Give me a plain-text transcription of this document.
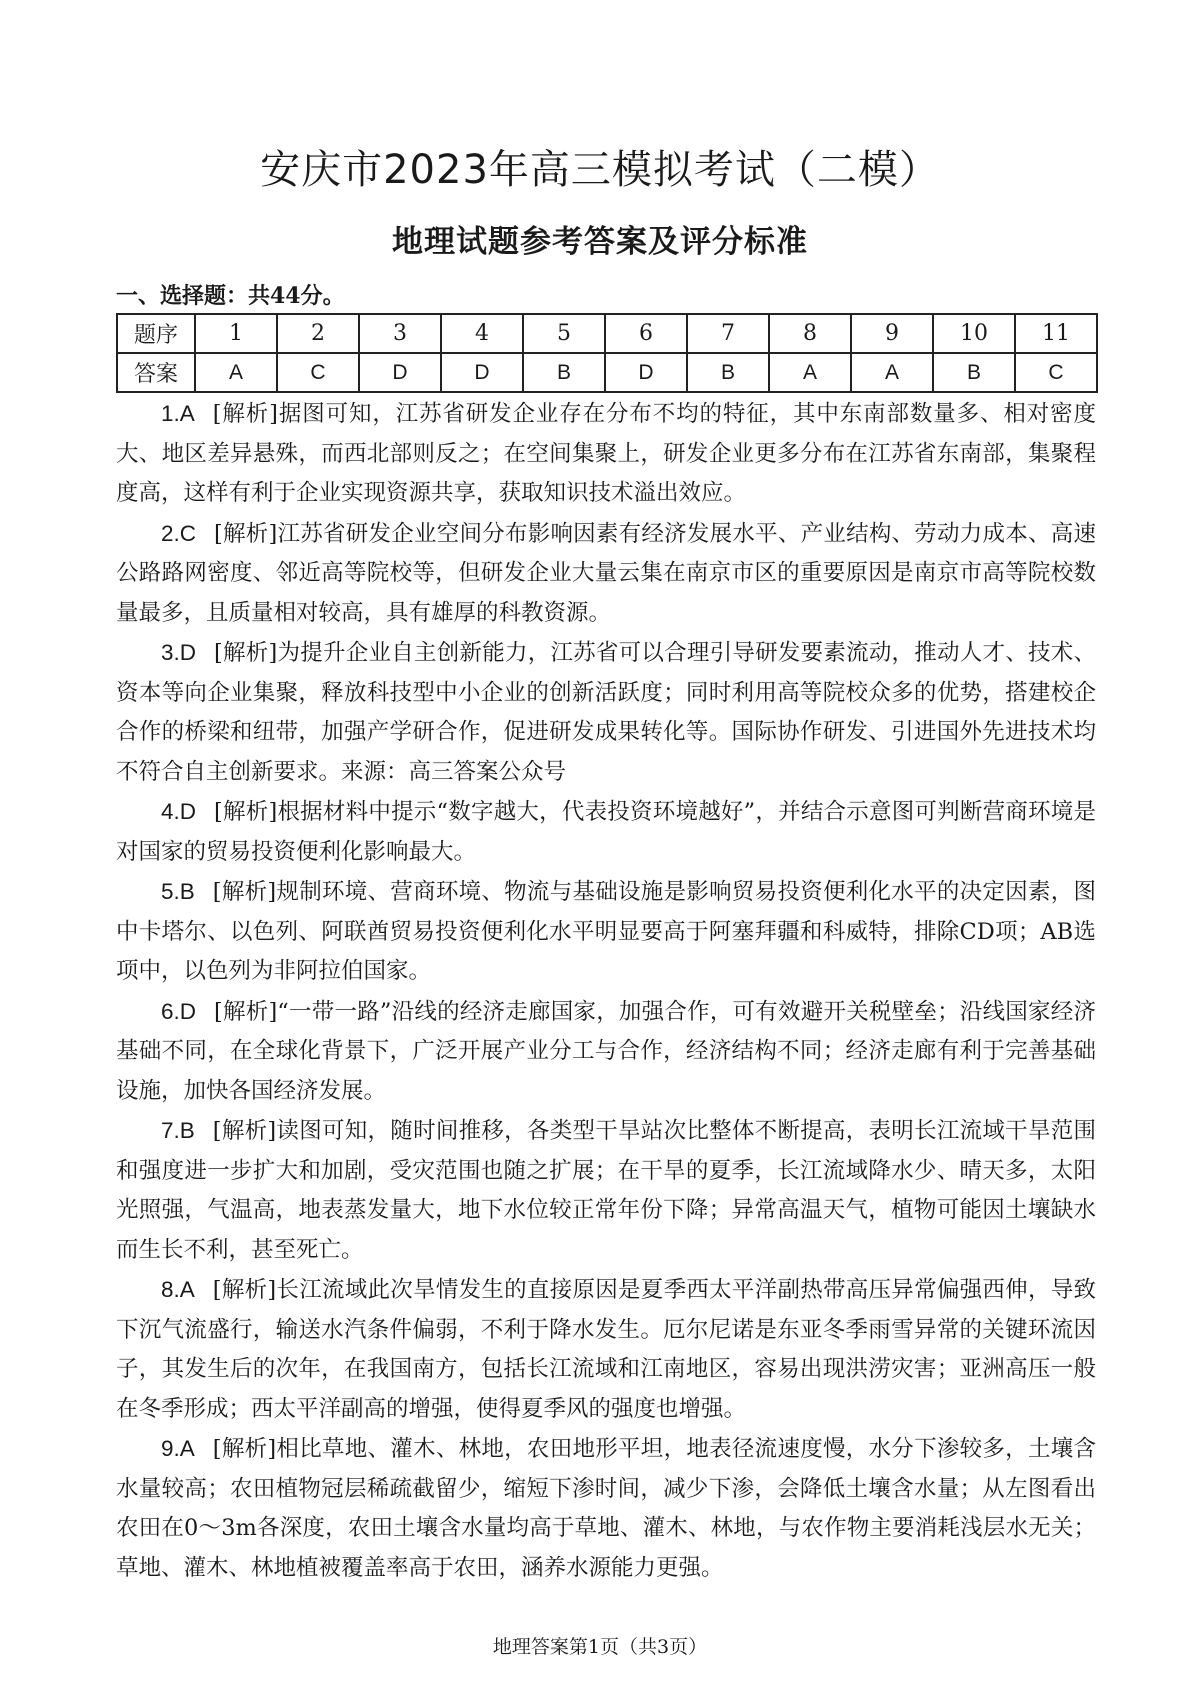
安庆市2023年高三模拟考试（二模）
地理试题参考答案及评分标准
一、选择题：共44分。
题序	1	2	3	4	5	6	7	8	9	10	11
答案	A	C	D	D	B	D	B	A	A	B	C

1.A [解析]据图可知，江苏省研发企业存在分布不均的特征，其中东南部数量多、相对密度大、地区差异悬殊，而西北部则反之；在空间集聚上，研发企业更多分布在江苏省东南部，集聚程度高，这样有利于企业实现资源共享，获取知识技术溢出效应。

2.C [解析]江苏省研发企业空间分布影响因素有经济发展水平、产业结构、劳动力成本、高速公路路网密度、邻近高等院校等，但研发企业大量云集在南京市区的重要原因是南京市高等院校数量最多，且质量相对较高，具有雄厚的科教资源。

3.D [解析]为提升企业自主创新能力，江苏省可以合理引导研发要素流动，推动人才、技术、资本等向企业集聚，释放科技型中小企业的创新活跃度；同时利用高等院校众多的优势，搭建校企合作的桥梁和纽带，加强产学研合作，促进研发成果转化等。国际协作研发、引进国外先进技术均不符合自主创新要求。来源：高三答案公众号

4.D [解析]根据材料中提示“数字越大，代表投资环境越好”，并结合示意图可判断营商环境是对国家的贸易投资便利化影响最大。

5.B [解析]规制环境、营商环境、物流与基础设施是影响贸易投资便利化水平的决定因素，图中卡塔尔、以色列、阿联酋贸易投资便利化水平明显要高于阿塞拜疆和科威特，排除CD项；AB选项中，以色列为非阿拉伯国家。

6.D [解析]“一带一路”沿线的经济走廊国家，加强合作，可有效避开关税壁垒；沿线国家经济基础不同，在全球化背景下，广泛开展产业分工与合作，经济结构不同；经济走廊有利于完善基础设施，加快各国经济发展。

7.B [解析]读图可知，随时间推移，各类型干旱站次比整体不断提高，表明长江流域干旱范围和强度进一步扩大和加剧，受灾范围也随之扩展；在干旱的夏季，长江流域降水少、晴天多，太阳光照强，气温高，地表蒸发量大，地下水位较正常年份下降；异常高温天气，植物可能因土壤缺水而生长不利，甚至死亡。

8.A [解析]长江流域此次旱情发生的直接原因是夏季西太平洋副热带高压异常偏强西伸，导致下沉气流盛行，输送水汽条件偏弱，不利于降水发生。厄尔尼诺是东亚冬季雨雪异常的关键环流因子，其发生后的次年，在我国南方，包括长江流域和江南地区，容易出现洪涝灾害；亚洲高压一般在冬季形成；西太平洋副高的增强，使得夏季风的强度也增强。

9.A [解析]相比草地、灌木、林地，农田地形平坦，地表径流速度慢，水分下渗较多，土壤含水量较高；农田植物冠层稀疏截留少，缩短下渗时间，减少下渗，会降低土壤含水量；从左图看出农田在0～3m各深度，农田土壤含水量均高于草地、灌木、林地，与农作物主要消耗浅层水无关；草地、灌木、林地植被覆盖率高于农田，涵养水源能力更强。

地理答案第1页（共3页）
